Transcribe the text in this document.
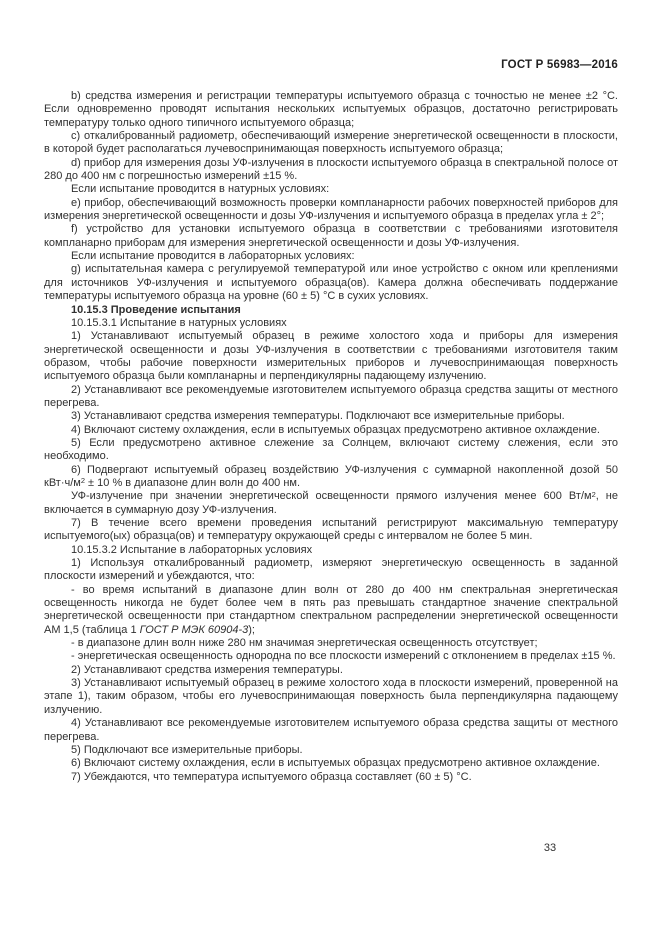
ГОСТ Р 56983—2016

b) средства измерения и регистрации температуры испытуемого образца с точностью не менее ±2 °C. Если одновременно проводят испытания нескольких испытуемых образцов, достаточно регистрировать температуру только одного типичного испытуемого образца;

c) откалиброванный радиометр, обеспечивающий измерение энергетической освещенности в плоскости, в которой будет располагаться лучевоспринимающая поверхность испытуемого образца;

d) прибор для измерения дозы УФ-излучения в плоскости испытуемого образца в спектральной полосе от 280 до 400 нм с погрешностью измерений ±15 %.

Если испытание проводится в натурных условиях:

e) прибор, обеспечивающий возможность проверки компланарности рабочих поверхностей приборов для измерения энергетической освещенности и дозы УФ-излучения и испытуемого образца в пределах угла ± 2°;

f) устройство для установки испытуемого образца в соответствии с требованиями изготовителя компланарно приборам для измерения энергетической освещенности и дозы УФ-излучения.

Если испытание проводится в лабораторных условиях:

g) испытательная камера с регулируемой температурой или иное устройство с окном или креплениями для источников УФ-излучения и испытуемого образца(ов). Камера должна обеспечивать поддержание температуры испытуемого образца на уровне (60 ± 5) °C в сухих условиях.

10.15.3 Проведение испытания

10.15.3.1 Испытание в натурных условиях

1) Устанавливают испытуемый образец в режиме холостого хода и приборы для измерения энергетической освещенности и дозы УФ-излучения в соответствии с требованиями изготовителя таким образом, чтобы рабочие поверхности измерительных приборов и лучевоспринимающая поверхность испытуемого образца были компланарны и перпендикулярны падающему излучению.

2) Устанавливают все рекомендуемые изготовителем испытуемого образца средства защиты от местного перегрева.

3) Устанавливают средства измерения температуры. Подключают все измерительные приборы.

4) Включают систему охлаждения, если в испытуемых образцах предусмотрено активное охлаждение.

5) Если предусмотрено активное слежение за Солнцем, включают систему слежения, если это необходимо.

6) Подвергают испытуемый образец воздействию УФ-излучения с суммарной накопленной дозой 50 $кВт\cdot ч/м^2 \pm 10$ % в диапазоне длин волн до 400 нм.

УФ-излучение при значении энергетической освещенности прямого излучения менее 600 $Вт/м^2$, не включается в суммарную дозу УФ-излучения.

7) В течение всего времени проведения испытаний регистрируют максимальную температуру испытуемого(ых) образца(ов) и температуру окружающей среды с интервалом не более 5 мин.

10.15.3.2 Испытание в лабораторных условиях

1) Используя откалиброванный радиометр, измеряют энергетическую освещенность в заданной плоскости измерений и убеждаются, что:

- во время испытаний в диапазоне длин волн от 280 до 400 нм спектральная энергетическая освещенность никогда не будет более чем в пять раз превышать стандартное значение спектральной энергетической освещенности при стандартном спектральном распределении энергетической освещенности АМ 1,5 (таблица 1 ГОСТ Р МЭК 60904-3);

- в диапазоне длин волн ниже 280 нм значимая энергетическая освещенность отсутствует;

- энергетическая освещенность однородна по все плоскости измерений с отклонением в пределах ±15 %.

2) Устанавливают средства измерения температуры.

3) Устанавливают испытуемый образец в режиме холостого хода в плоскости измерений, проверенной на этапе 1), таким образом, чтобы его лучевоспринимающая поверхность была перпендикулярна падающему излучению.

4) Устанавливают все рекомендуемые изготовителем испытуемого образа средства защиты от местного перегрева.

5) Подключают все измерительные приборы.

6) Включают систему охлаждения, если в испытуемых образцах предусмотрено активное охлаждение.

7) Убеждаются, что температура испытуемого образца составляет (60 ± 5) °C.

33
